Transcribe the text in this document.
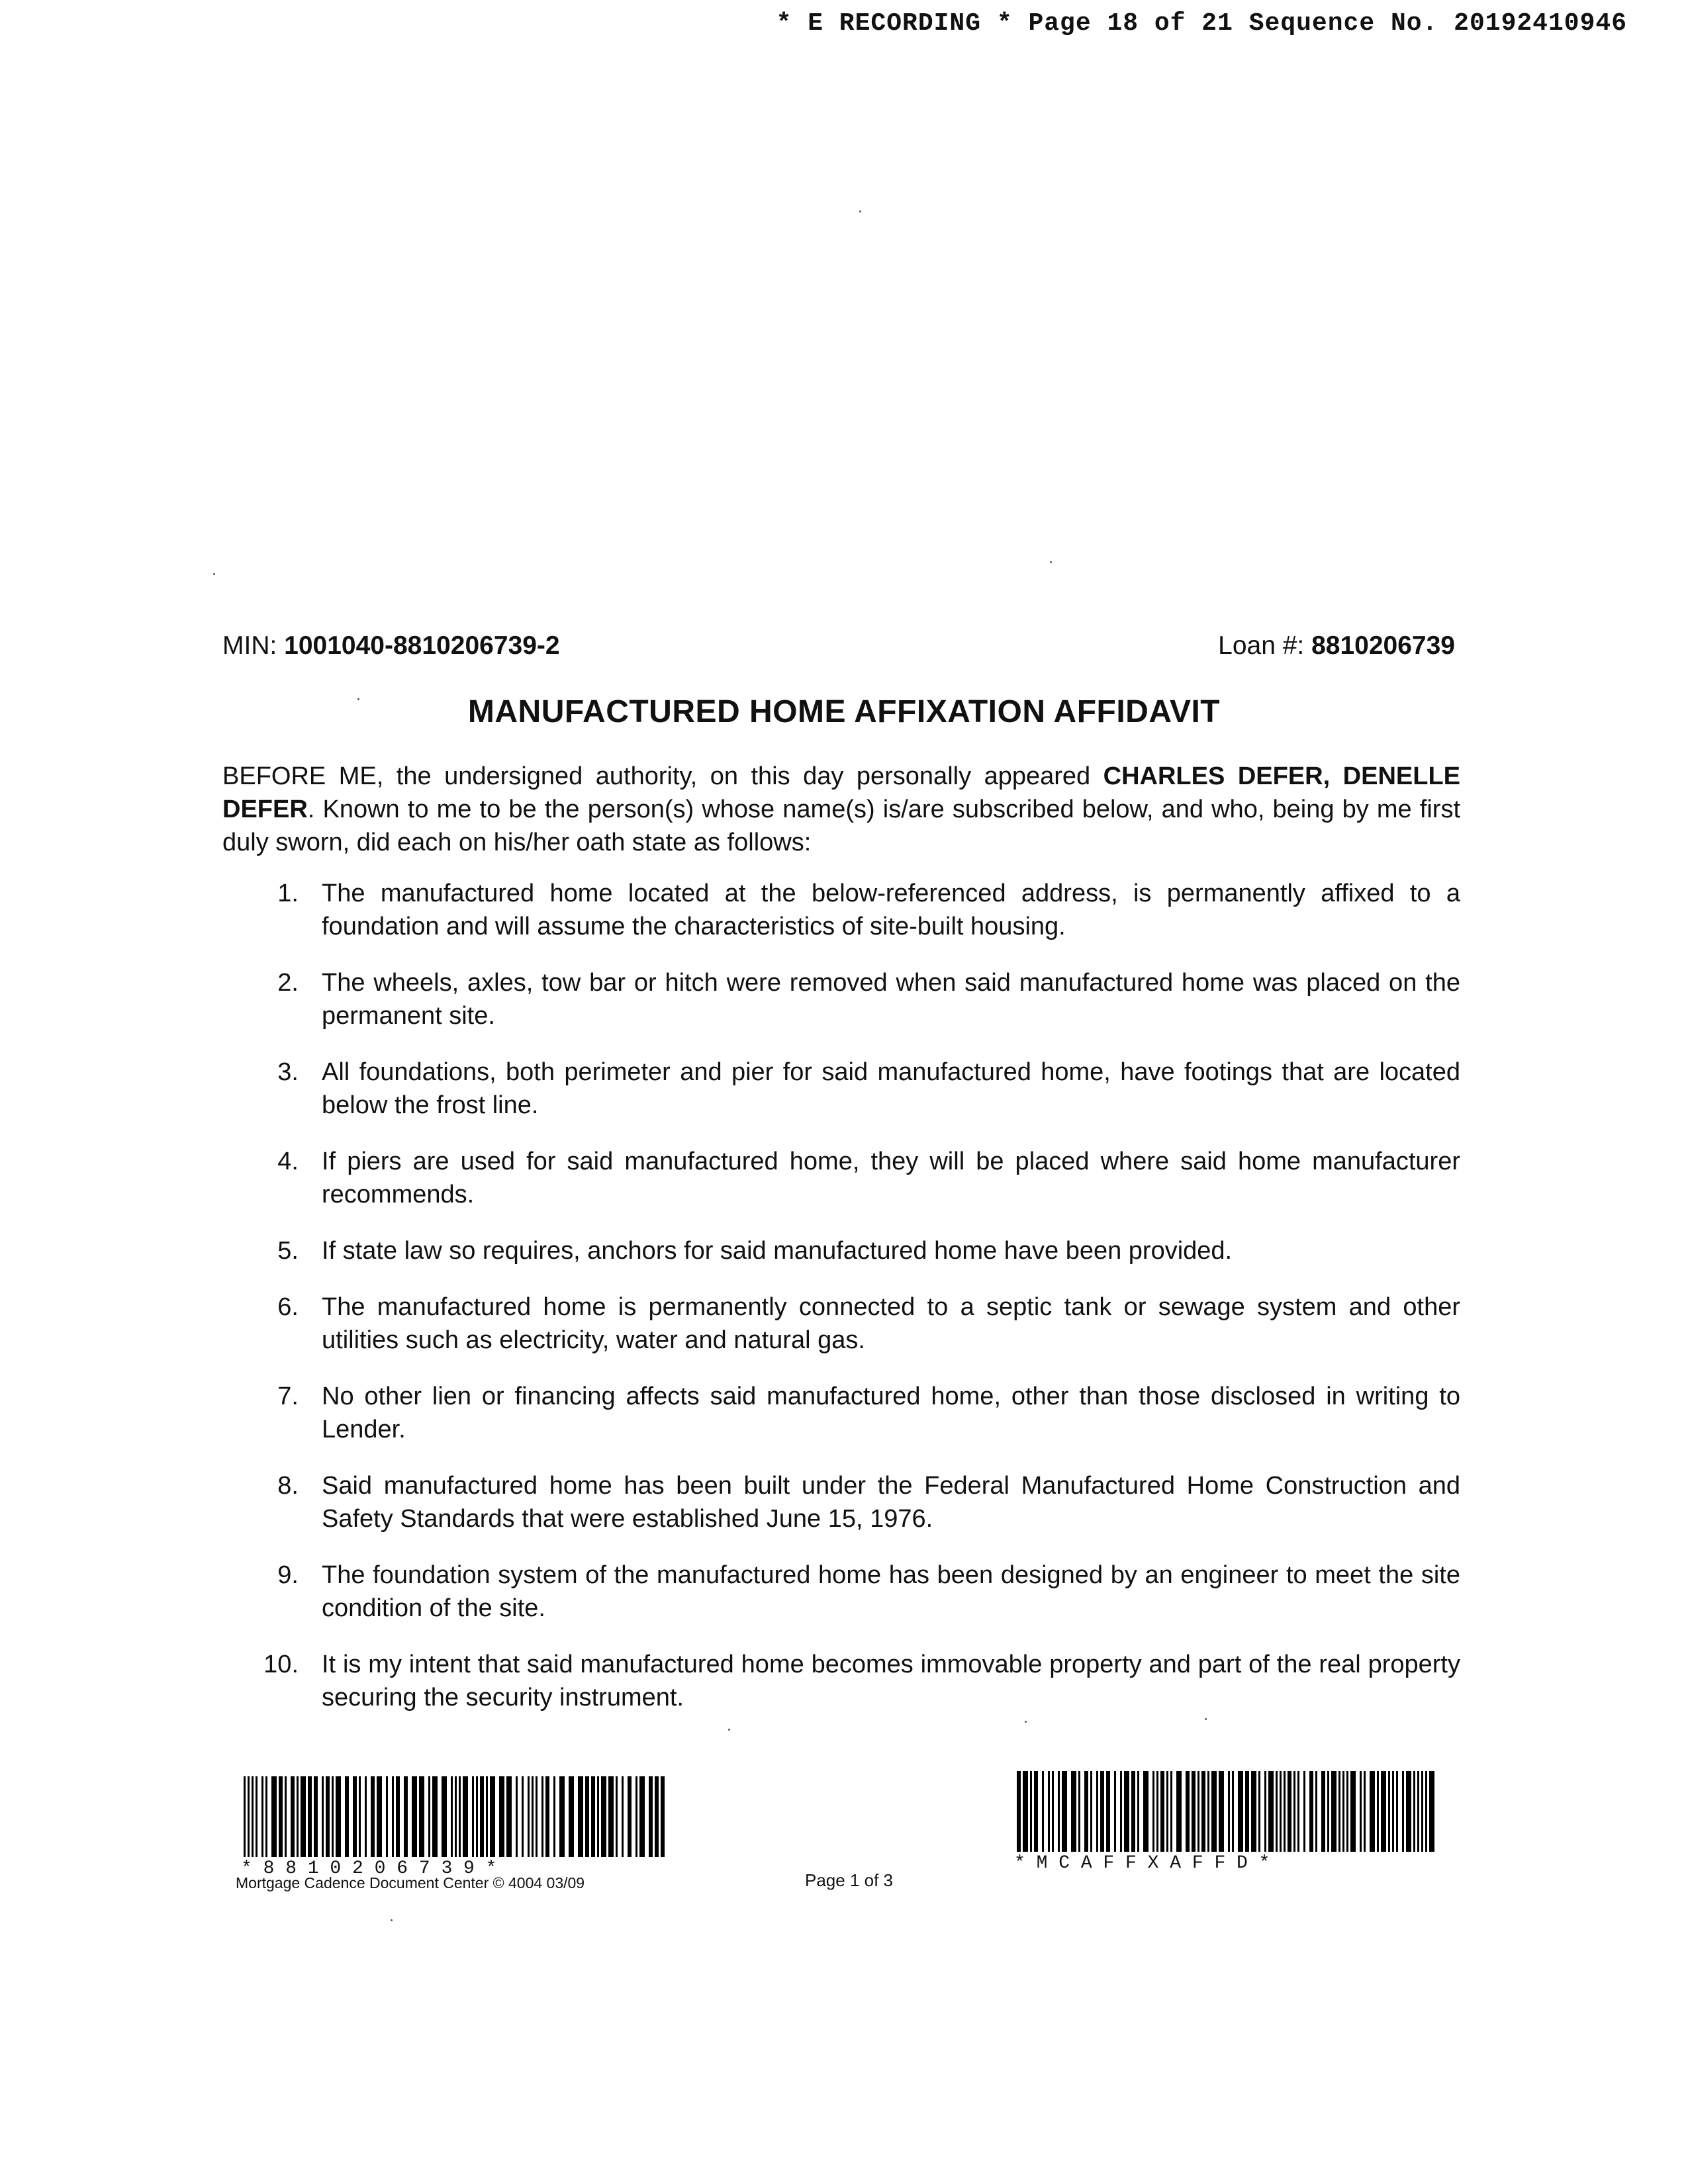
* E RECORDING * Page 18 of 21 Sequence No. 20192410946
MIN: 1001040-8810206739-2	Loan #: 8810206739
MANUFACTURED HOME AFFIXATION AFFIDAVIT
BEFORE ME, the undersigned authority, on this day personally appeared CHARLES DEFER, DENELLE DEFER. Known to me to be the person(s) whose name(s) is/are subscribed below, and who, being by me first duly sworn, did each on his/her oath state as follows:
1. The manufactured home located at the below-referenced address, is permanently affixed to a foundation and will assume the characteristics of site-built housing.
2. The wheels, axles, tow bar or hitch were removed when said manufactured home was placed on the permanent site.
3. All foundations, both perimeter and pier for said manufactured home, have footings that are located below the frost line.
4. If piers are used for said manufactured home, they will be placed where said home manufacturer recommends.
5. If state law so requires, anchors for said manufactured home have been provided.
6. The manufactured home is permanently connected to a septic tank or sewage system and other utilities such as electricity, water and natural gas.
7. No other lien or financing affects said manufactured home, other than those disclosed in writing to Lender.
8. Said manufactured home has been built under the Federal Manufactured Home Construction and Safety Standards that were established June 15, 1976.
9. The foundation system of the manufactured home has been designed by an engineer to meet the site condition of the site.
10. It is my intent that said manufactured home becomes immovable property and part of the real property securing the security instrument.
* 8 8 1 0 2 0 6 7 3 9 *	* M C A F F X A F F D *
Mortgage Cadence Document Center © 4004 03/09	Page 1 of 3
